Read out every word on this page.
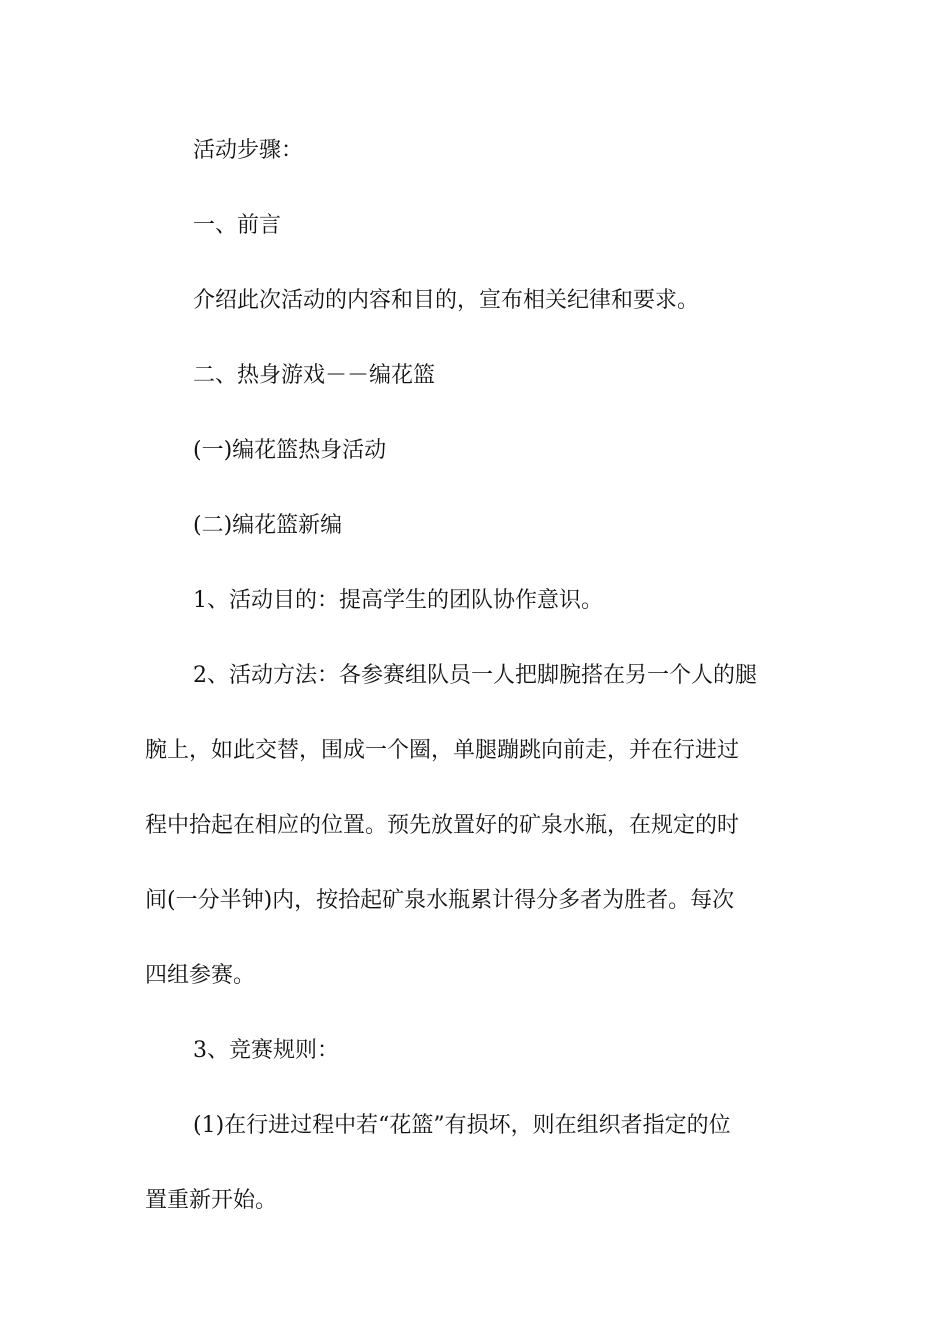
活动步骤：
一、前言
介绍此次活动的内容和目的，宣布相关纪律和要求。
二、热身游戏－－编花篮
(一)编花篮热身活动
(二)编花篮新编
1、活动目的：提高学生的团队协作意识。
2、活动方法：各参赛组队员一人把脚腕搭在另一个人的腿
腕上，如此交替，围成一个圈，单腿蹦跳向前走，并在行进过
程中拾起在相应的位置。预先放置好的矿泉水瓶，在规定的时
间(一分半钟)内，按拾起矿泉水瓶累计得分多者为胜者。每次
四组参赛。
3、竞赛规则：
(1)在行进过程中若“花篮”有损坏，则在组织者指定的位
置重新开始。
